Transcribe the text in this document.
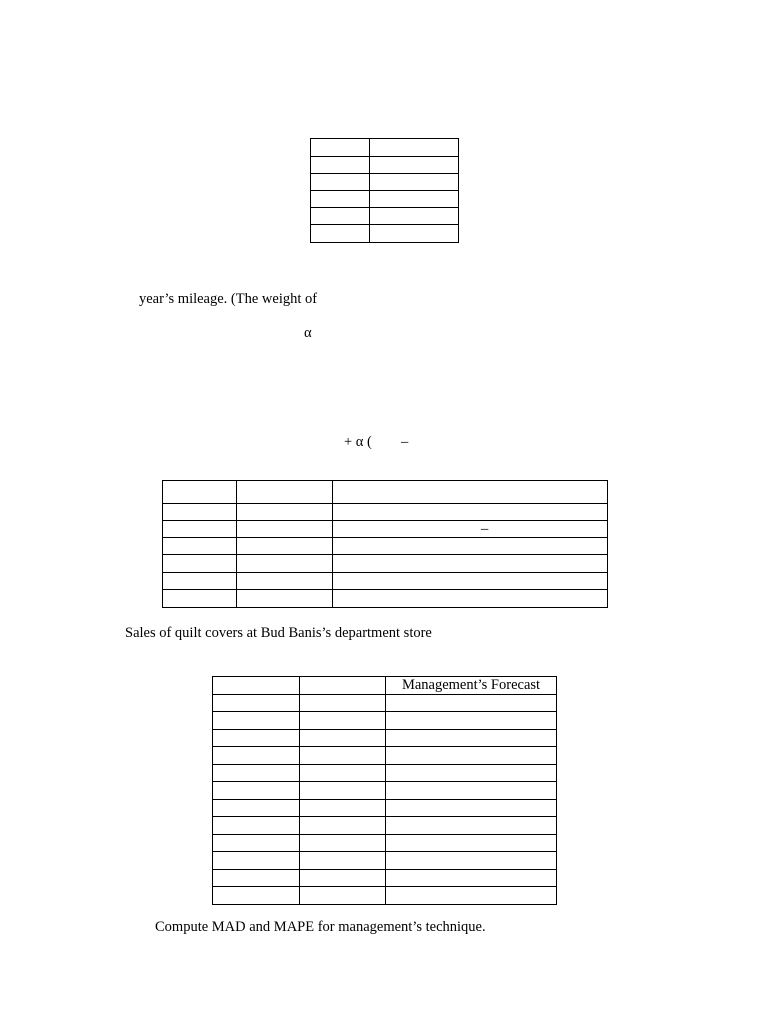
year’s mileage. (The weight of
α
+ α ( –

		–

Sales of quilt covers at Bud Banis’s department store
		Management’s Forecast

Compute MAD and MAPE for management’s technique.
